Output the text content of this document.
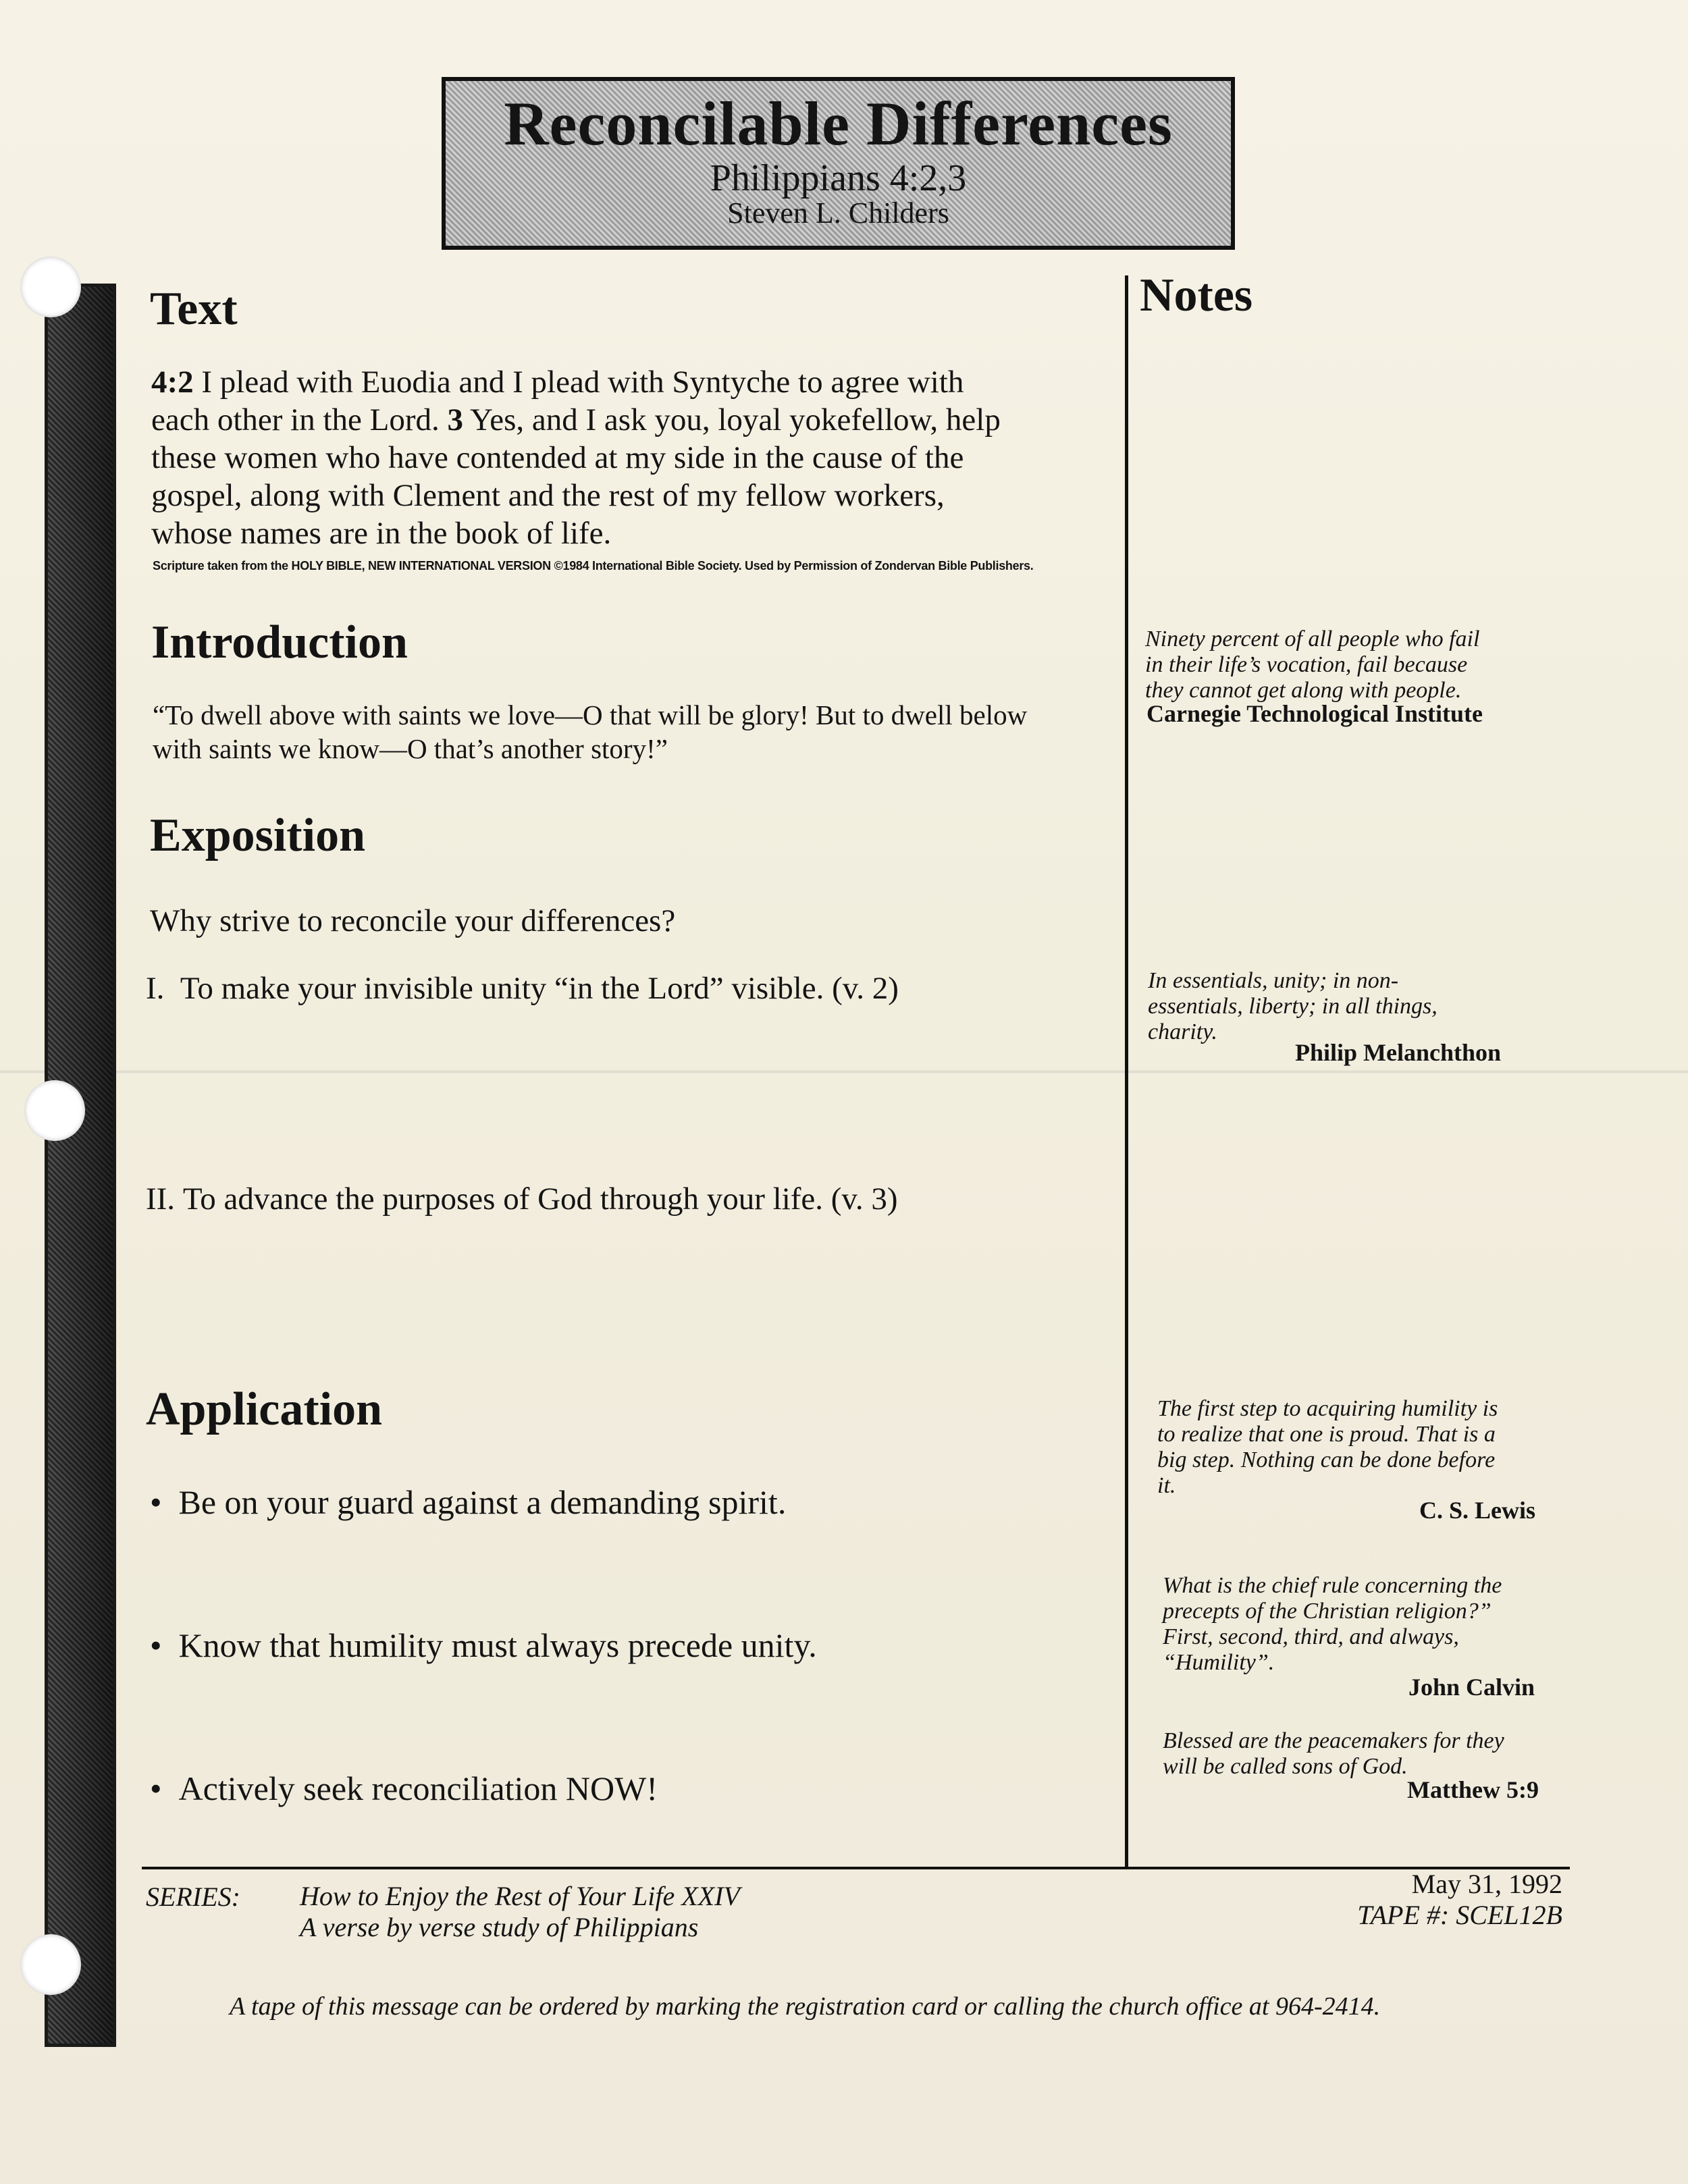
Reconcilable Differences
Philippians 4:2,3
Steven L. Childers
Text
4:2 I plead with Euodia and I plead with Syntyche to agree with
each other in the Lord. 3 Yes, and I ask you, loyal yokefellow, help
these women who have contended at my side in the cause of the
gospel, along with Clement and the rest of my fellow workers,
whose names are in the book of life.
Scripture taken from the HOLY BIBLE, NEW INTERNATIONAL VERSION ©1984 International Bible Society. Used by Permission of Zondervan Bible Publishers.
Introduction
“To dwell above with saints we love—O that will be glory! But to dwell below
with saints we know—O that’s another story!”
Exposition
Why strive to reconcile your differences?
I. To make your invisible unity “in the Lord” visible. (v. 2)
II. To advance the purposes of God through your life. (v. 3)
Application
• Be on your guard against a demanding spirit.
• Know that humility must always precede unity.
• Actively seek reconciliation NOW!
Notes
Ninety percent of all people who fail
in their life’s vocation, fail because
they cannot get along with people.
Carnegie Technological Institute
In essentials, unity; in non-
essentials, liberty; in all things,
charity.
Philip Melanchthon
The first step to acquiring humility is
to realize that one is proud. That is a
big step. Nothing can be done before
it.
C. S. Lewis
What is the chief rule concerning the
precepts of the Christian religion?”
First, second, third, and always,
“Humility”.
John Calvin
Blessed are the peacemakers for they
will be called sons of God.
Matthew 5:9
SERIES: How to Enjoy the Rest of Your Life XXIV
A verse by verse study of Philippians
May 31, 1992
TAPE #: SCEL12B
A tape of this message can be ordered by marking the registration card or calling the church office at 964-2414.
